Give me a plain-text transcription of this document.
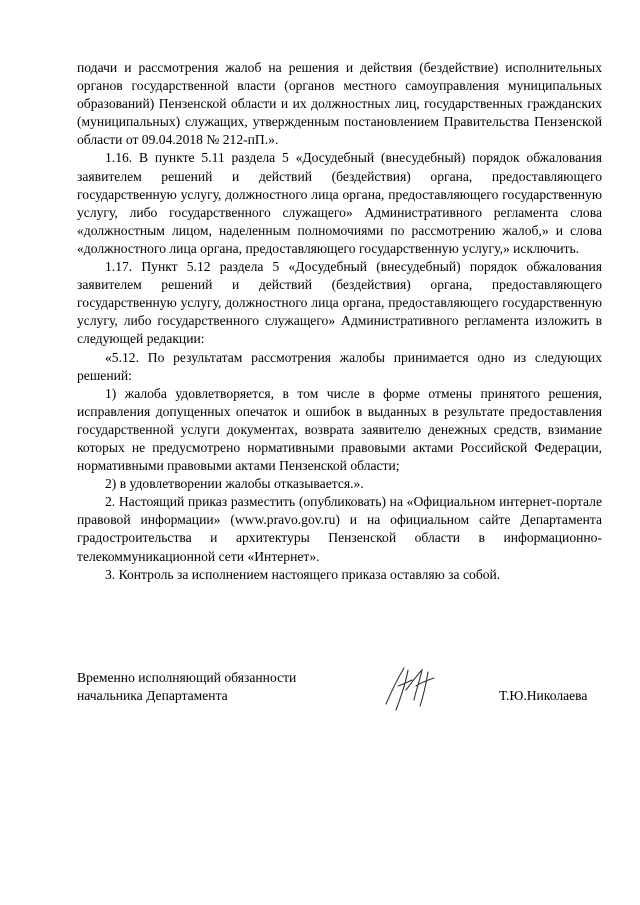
подачи и рассмотрения жалоб на решения и действия (бездействие) исполнительных органов государственной власти (органов местного самоуправления муниципальных образований) Пензенской области и их должностных лиц, государственных гражданских (муниципальных) служащих, утвержденным постановлением Правительства Пензенской области от 09.04.2018 № 212-пП.».

1.16. В пункте 5.11 раздела 5 «Досудебный (внесудебный) порядок обжалования заявителем решений и действий (бездействия) органа, предоставляющего государственную услугу, должностного лица органа, предоставляющего государственную услугу, либо государственного служащего» Административного регламента слова «должностным лицом, наделенным полномочиями по рассмотрению жалоб,» и слова «должностного лица органа, предоставляющего государственную услугу,» исключить.

1.17. Пункт 5.12 раздела 5 «Досудебный (внесудебный) порядок обжалования заявителем решений и действий (бездействия) органа, предоставляющего государственную услугу, должностного лица органа, предоставляющего государственную услугу, либо государственного служащего» Административного регламента изложить в следующей редакции:

«5.12. По результатам рассмотрения жалобы принимается одно из следующих решений:

1) жалоба удовлетворяется, в том числе в форме отмены принятого решения, исправления допущенных опечаток и ошибок в выданных в результате предоставления государственной услуги документах, возврата заявителю денежных средств, взимание которых не предусмотрено нормативными правовыми актами Российской Федерации, нормативными правовыми актами Пензенской области;

2) в удовлетворении жалобы отказывается.».

2. Настоящий приказ разместить (опубликовать) на «Официальном интернет-портале правовой информации» (www.pravo.gov.ru) и на официальном сайте Департамента градостроительства и архитектуры Пензенской области в информационно-телекоммуникационной сети «Интернет».

3. Контроль за исполнением настоящего приказа оставляю за собой.

Временно исполняющий обязанности
начальника Департамента	Т.Ю.Николаева
